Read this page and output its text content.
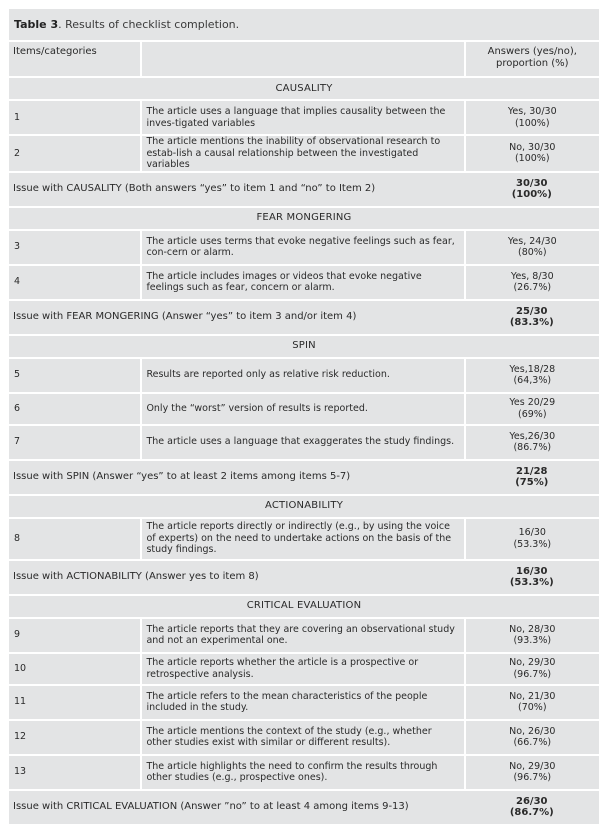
Table 3. Results of checklist completion.
Items/categories		Answers (yes/no),
proportion (%)
CAUSALITY		
1	The article uses a language that implies causality between the inves-tigated variables	Yes, 30/30
(100%)
2	The article mentions the inability of observational research to estab-lish a causal relationship between the investigated variables	No, 30/30
(100%)
Issue with CAUSALITY (Both answers “yes” to item 1 and “no” to Item 2)		30/30
(100%)
FEAR MONGERING		
3	The article uses terms that evoke negative feelings such as fear, con-cern or alarm.	Yes, 24/30
(80%)
4	The article includes images or videos that evoke negative feelings such as fear, concern or alarm.	Yes, 8/30
(26.7%)
Issue with FEAR MONGERING (Answer “yes” to item 3 and/or item 4)		25/30
(83.3%)
SPIN		
5	Results are reported only as relative risk reduction.	Yes,18/28
(64,3%)
6	Only the “worst” version of results is reported.	Yes 20/29
(69%)
7	The article uses a language that exaggerates the study findings.	Yes,26/30
(86.7%)
Issue with SPIN (Answer “yes” to at least 2 items among items 5-7)		21/28
(75%)
ACTIONABILITY		
8	The article reports directly or indirectly (e.g., by using the voice of experts) on the need to undertake actions on the basis of the study findings.	16/30
(53.3%)
Issue with ACTIONABILITY (Answer yes to item 8)		16/30
(53.3%)
CRITICAL EVALUATION		
9	The article reports that they are covering an observational study and not an experimental one.	No, 28/30
(93.3%)
10	The article reports whether the article is a prospective or retrospective analysis.	No, 29/30
(96.7%)
11	The article refers to the mean characteristics of the people included in the study.	No, 21/30
(70%)
12	The article mentions the context of the study (e.g., whether other studies exist with similar or different results).	No, 26/30
(66.7%)
13	The article highlights the need to confirm the results through other studies (e.g., prospective ones).	No, 29/30
(96.7%)
Issue with CRITICAL EVALUATION (Answer ”no” to at least 4 among items 9-13)		26/30
(86.7%)
